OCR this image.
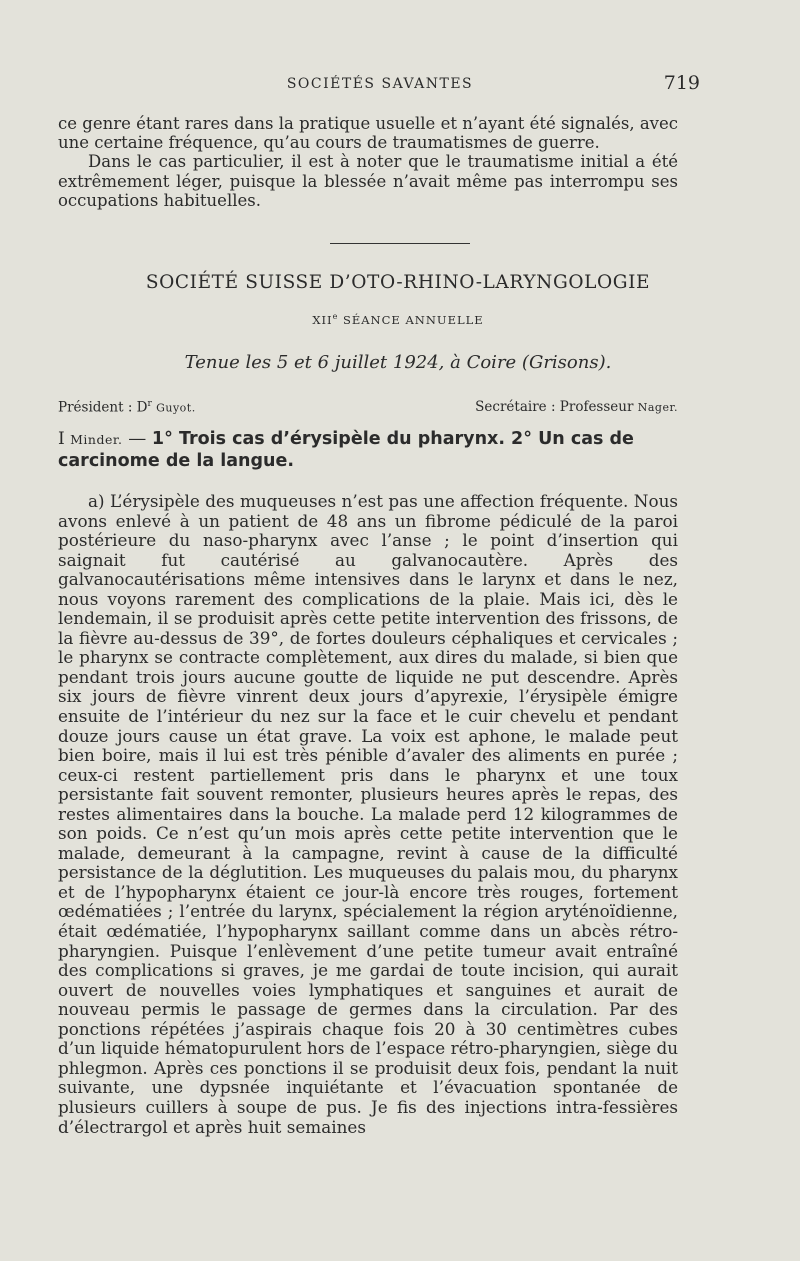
SOCIÉTÉS SAVANTES	719

ce genre étant rares dans la pratique usuelle et n’ayant été signalés, avec une certaine fréquence, qu’au cours de traumatismes de guerre.

Dans le cas particulier, il est à noter que le traumatisme initial a été extrêmement léger, puisque la blessée n’avait même pas interrompu ses occupations habituelles.

SOCIÉTÉ SUISSE D’OTO-RHINO-LARYNGOLOGIE
XIIe SÉANCE ANNUELLE
Tenue les 5 et 6 juillet 1924, à Coire (Grisons).
Président : $D^r$ Guyot.	Secrétaire : Professeur Nager.
I Minder. — 1° Trois cas d’érysipèle du pharynx. 2° Un cas de carcinome de la langue.

a) L’érysipèle des muqueuses n’est pas une affection fréquente. Nous avons enlevé à un patient de 48 ans un fibrome pédiculé de la paroi postérieure du naso-pharynx avec l’anse ; le point d’insertion qui saignait fut cautérisé au galvanocautère. Après des galvanocautérisations même intensives dans le larynx et dans le nez, nous voyons rarement des complications de la plaie. Mais ici, dès le lendemain, il se produisit après cette petite intervention des frissons, de la fièvre au-dessus de 39°, de fortes douleurs céphaliques et cervicales ; le pharynx se contracte complètement, aux dires du malade, si bien que pendant trois jours aucune goutte de liquide ne put descendre. Après six jours de fièvre vinrent deux jours d’apyrexie, l’érysipèle émigre ensuite de l’intérieur du nez sur la face et le cuir chevelu et pendant douze jours cause un état grave. La voix est aphone, le malade peut bien boire, mais il lui est très pénible d’avaler des aliments en purée ; ceux-ci restent partiellement pris dans le pharynx et une toux persistante fait souvent remonter, plusieurs heures après le repas, des restes alimentaires dans la bouche. La malade perd 12 kilogrammes de son poids. Ce n’est qu’un mois après cette petite intervention que le malade, demeurant à la campagne, revint à cause de la difficulté persistance de la déglutition. Les muqueuses du palais mou, du pharynx et de l’hypopharynx étaient ce jour-là encore très rouges, fortement œdématiées ; l’entrée du larynx, spécialement la région aryténoïdienne, était œdématiée, l’hypopharynx saillant comme dans un abcès rétro-pharyngien. Puisque l’enlèvement d’une petite tumeur avait entraîné des complications si graves, je me gardai de toute incision, qui aurait ouvert de nouvelles voies lymphatiques et sanguines et aurait de nouveau permis le passage de germes dans la circulation. Par des ponctions répétées j’aspirais chaque fois 20 à 30 centimètres cubes d’un liquide hématopurulent hors de l’espace rétro-pharyngien, siège du phlegmon. Après ces ponctions il se produisit deux fois, pendant la nuit suivante, une dypsnée inquiétante et l’évacuation spontanée de plusieurs cuillers à soupe de pus. Je fis des injections intra-fessières d’électrargol et après huit semaines
